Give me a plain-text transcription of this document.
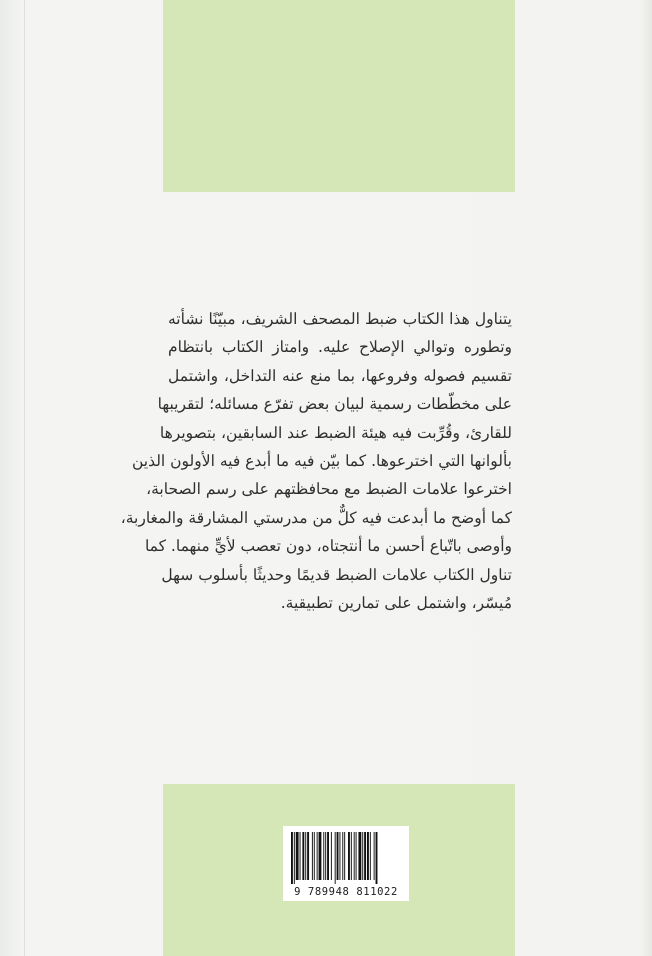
يتناول هذا الكتاب ضبط المصحف الشريف، مبيّنًا نشأته
وتطوره وتوالي الإصلاح عليه. وامتاز الكتاب بانتظام
تقسيم فصوله وفروعها، بما منع عنه التداخل، واشتمل
على مخطّطات رسمية لبيان بعض تفرّع مسائله؛ لتقريبها
للقارئ، وقُرِّبت فيه هيئة الضبط عند السابقين، بتصويرها
بألوانها التي اخترعوها. كما بيّن فيه ما أبدع فيه الأولون الذين
اخترعوا علامات الضبط مع محافظتهم على رسم الصحابة،
كما أوضح ما أبدعت فيه كلٌّ من مدرستي المشارقة والمغاربة،
وأوصى باتّباع أحسن ما أنتجتاه، دون تعصب لأيٍّ منهما. كما
تناول الكتاب علامات الضبط قديمًا وحديثًا بأسلوب سهل
مُيسّر، واشتمل على تمارين تطبيقية.
9 789948 811022
